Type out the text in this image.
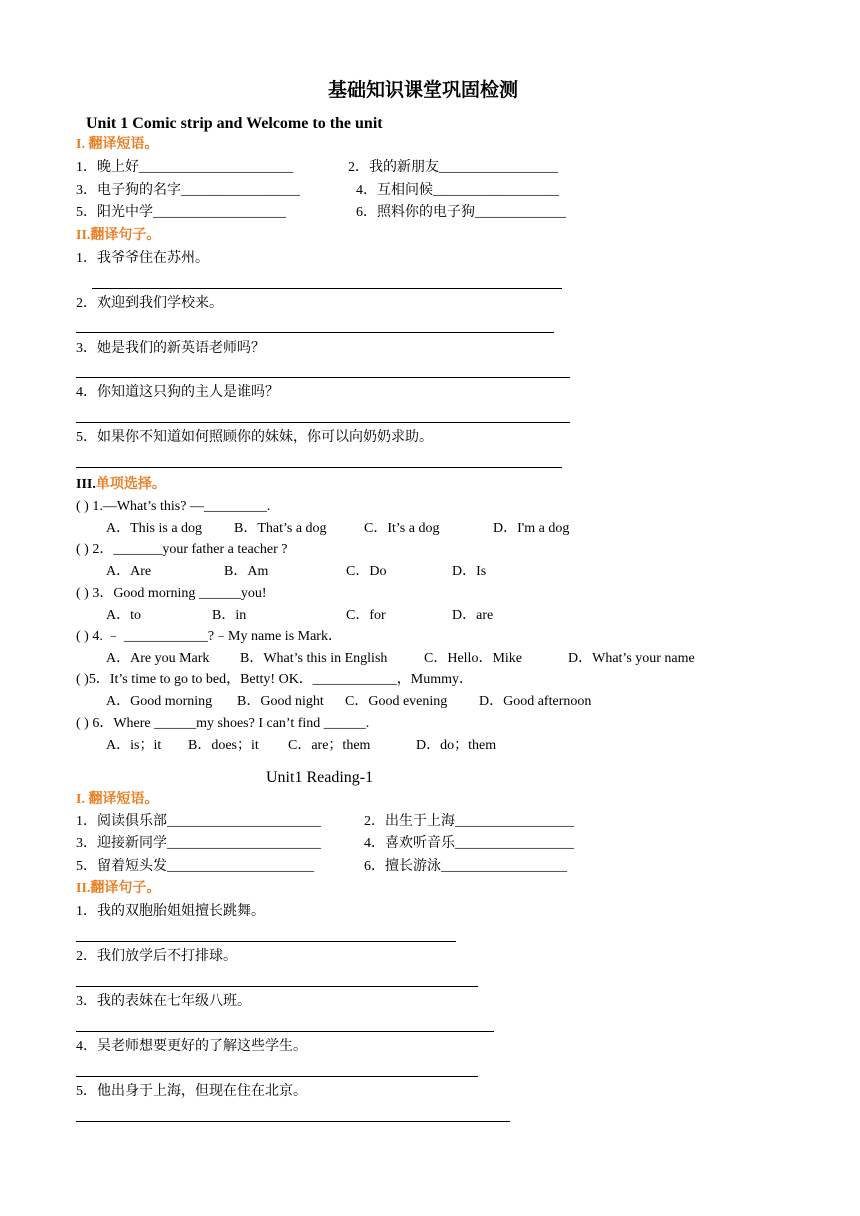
基础知识课堂巩固检测
Unit 1 Comic strip and Welcome to the unit
I. 翻译短语。
1．晚上好______________________	2．我的新朋友_________________
3．电子狗的名字_________________	4．互相问候__________________
5．阳光中学___________________	6．照料你的电子狗_____________
II.翻译句子。
1．我爷爷住在苏州。
2．欢迎到我们学校来。
3．她是我们的新英语老师吗？
4．你知道这只狗的主人是谁吗？
5．如果你不知道如何照顾你的妹妹，你可以向奶奶求助。
III.单项选择。
( ) 1.—What’s this? —_________.
A．This is a dog B．That’s a dog	C．It’s a dog	D．I'm a dog
( ) 2．_______your father a teacher ?
A．Are	B．Am	C．Do	D．Is
( ) 3．Good morning ______you!
A．to	B．in	C．for	D．are
( ) 4. ﹣ ____________?﹣My name is Mark．
A．Are you Mark B．What’s this in English	C．Hello．Mike	D．What’s your name
( )5．It’s time to go to bed，Betty! OK．____________，Mummy．
A．Good morning B．Good night C．Good evening D．Good afternoon
( ) 6．Where ______my shoes? I can’t find ______.
A．is；it B．does；it C．are；them	D．do；them
Unit1 Reading-1
I. 翻译短语。
1．阅读俱乐部______________________	2．出生于上海_________________
3．迎接新同学______________________	4．喜欢听音乐_________________
5．留着短头发_____________________	6．擅长游泳__________________
II.翻译句子。
1．我的双胞胎姐姐擅长跳舞。
2．我们放学后不打排球。
3．我的表妹在七年级八班。
4．吴老师想要更好的了解这些学生。
5．他出身于上海，但现在住在北京。
